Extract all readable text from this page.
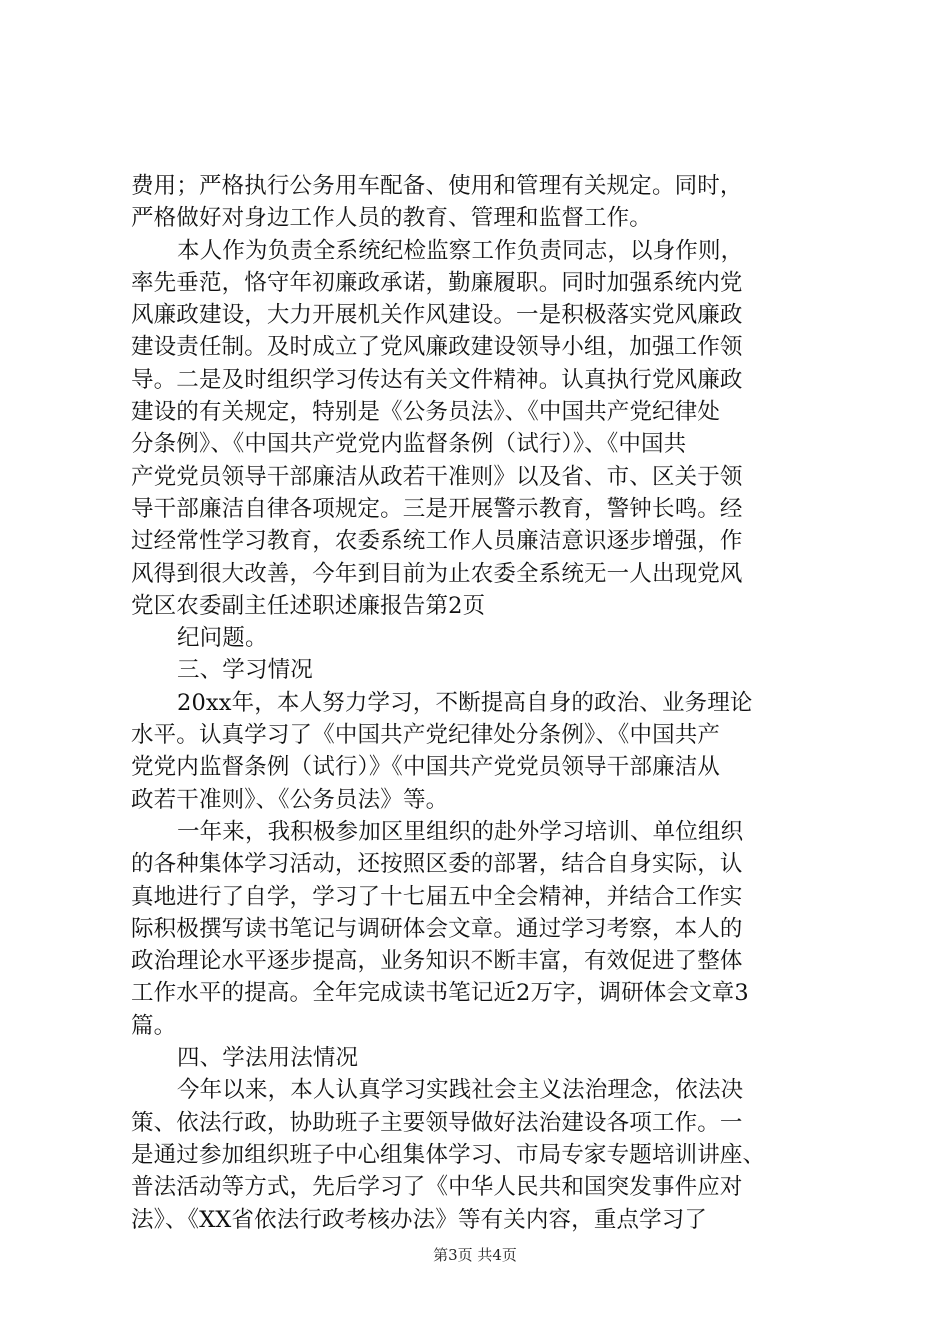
费用；严格执行公务用车配备、使用和管理有关规定。同时，
严格做好对身边工作人员的教育、管理和监督工作。
本人作为负责全系统纪检监察工作负责同志，以身作则，
率先垂范，恪守年初廉政承诺，勤廉履职。同时加强系统内党
风廉政建设，大力开展机关作风建设。一是积极落实党风廉政
建设责任制。及时成立了党风廉政建设领导小组，加强工作领
导。二是及时组织学习传达有关文件精神。认真执行党风廉政
建设的有关规定，特别是《公务员法》、《中国共产党纪律处
分条例》、《中国共产党党内监督条例（试行）》、《中国共
产党党员领导干部廉洁从政若干准则》以及省、市、区关于领
导干部廉洁自律各项规定。三是开展警示教育，警钟长鸣。经
过经常性学习教育，农委系统工作人员廉洁意识逐步增强，作
风得到很大改善，今年到目前为止农委全系统无一人出现党风
党区农委副主任述职述廉报告第2页
纪问题。
三、学习情况
20xx年，本人努力学习，不断提高自身的政治、业务理论
水平。认真学习了《中国共产党纪律处分条例》、《中国共产
党党内监督条例（试行）》《中国共产党党员领导干部廉洁从
政若干准则》、《公务员法》等。
一年来，我积极参加区里组织的赴外学习培训、单位组织
的各种集体学习活动，还按照区委的部署，结合自身实际，认
真地进行了自学，学习了十七届五中全会精神，并结合工作实
际积极撰写读书笔记与调研体会文章。通过学习考察，本人的
政治理论水平逐步提高，业务知识不断丰富，有效促进了整体
工作水平的提高。全年完成读书笔记近2万字，调研体会文章3
篇。
四、学法用法情况
今年以来，本人认真学习实践社会主义法治理念，依法决
策、依法行政，协助班子主要领导做好法治建设各项工作。一
是通过参加组织班子中心组集体学习、市局专家专题培训讲座、
普法活动等方式，先后学习了《中华人民共和国突发事件应对
法》、《XX省依法行政考核办法》等有关内容，重点学习了
第3页 共4页
